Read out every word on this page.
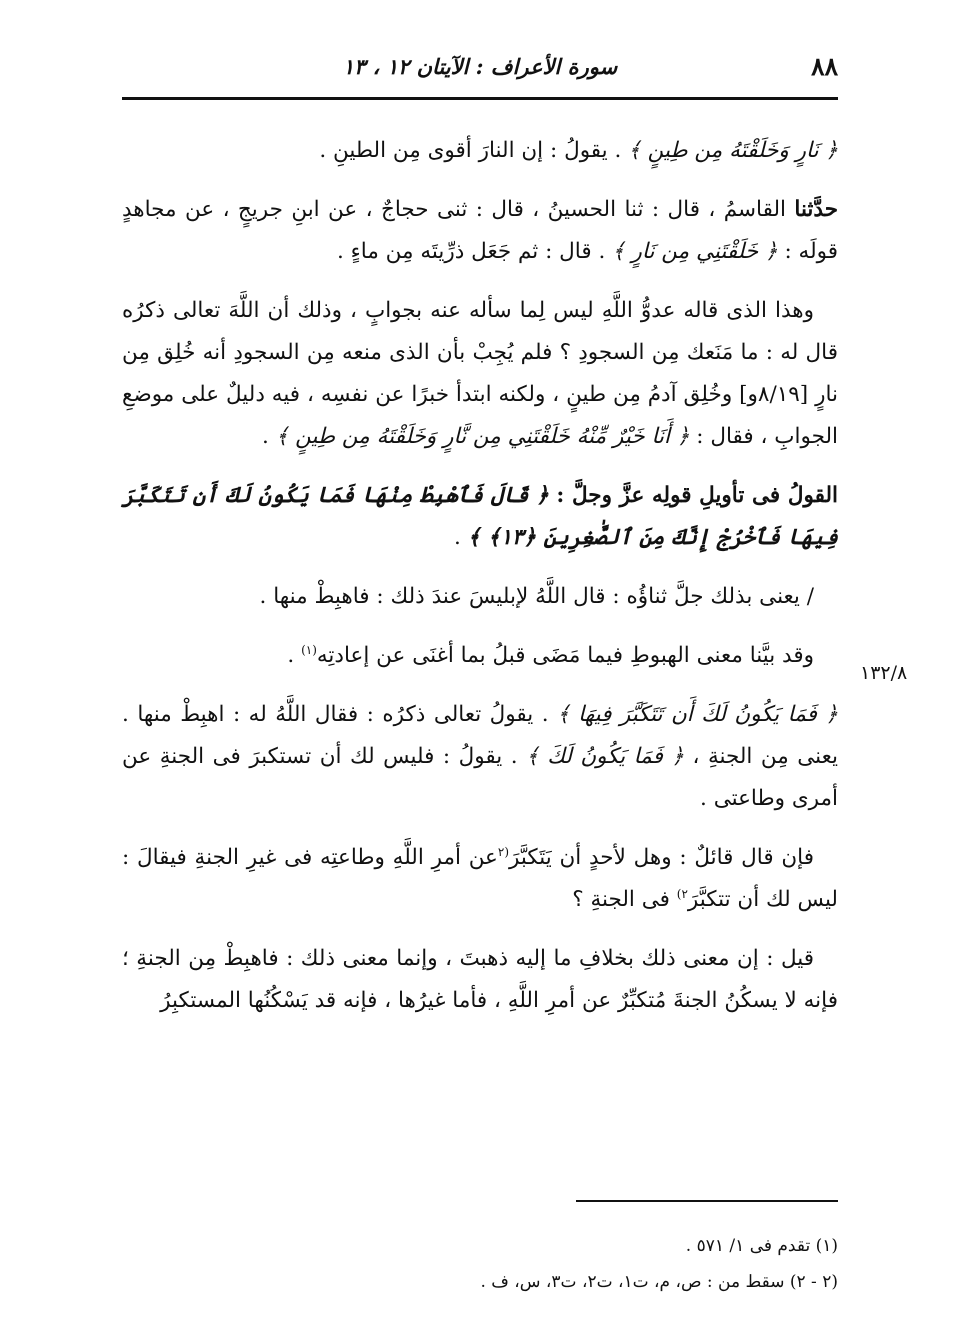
٨٨
سورة الأعراف : الآيتان ١٢ ، ١٣
١٣٢/٨

﴿ نَارٍ وَخَلَقْتَهُ مِن طِينٍ ﴾ . يقولُ : إن النارَ أقوى مِن الطينِ .

حدَّثنا القاسمُ ، قال : ثنا الحسينُ ، قال : ثنى حجاجٌ ، عن ابنِ جريجٍ ، عن مجاهدٍ قولَه : ﴿ خَلَقْتَنِي مِن نَارٍ ﴾ . قال : ثم جَعَل ذرِّيتَه مِن ماءٍ .

وهذا الذى قاله عدوُّ اللَّهِ ليس لِما سأله عنه بجوابٍ ، وذلك أن اللَّهَ تعالى ذكرُه قال له : ما مَنَعك مِن السجودِ ؟ فلم يُجِبْ بأن الذى منعه مِن السجودِ أنه خُلِق مِن نارٍ [٨/١٩و] وخُلِق آدمُ مِن طينٍ ، ولكنه ابتدأ خبرًا عن نفسِه ، فيه دليلٌ على موضعِ الجوابِ ، فقال : ﴿ أَنَا خَيْرٌ مِّنْهُ خَلَقْتَنِي مِن نَّارٍ وَخَلَقْتَهُ مِن طِينٍ ﴾ .

القولُ فى تأويلِ قولِه عزَّ وجلَّ : ﴿ قَالَ فَٱهْبِطْ مِنْهَا فَمَا يَكُونُ لَكَ أَن تَتَكَبَّرَ فِيهَا فَٱخْرُجْ إِنَّكَ مِنَ ٱلصَّٰغِرِينَ ﴿١٣﴾ ﴾ .

/ يعنى بذلك جلَّ ثناؤُه : قال اللَّهُ لإبليسَ عندَ ذلك : فاهبِطْ منها .

وقد بيَّنا معنى الهبوطِ فيما مَضَى قبلُ بما أغنَى عن إعادتِه$^{(١)}$ .

﴿ فَمَا يَكُونُ لَكَ أَن تَتَكَبَّرَ فِيهَا ﴾ . يقولُ تعالى ذكرُه : فقال اللَّهُ له : اهبِطْ منها . يعنى مِن الجنةِ ، ﴿ فَمَا يَكُونُ لَكَ ﴾ . يقولُ : فليس لك أن تستكبرَ فى الجنةِ عن أمرى وطاعتى .

فإن قال قائلٌ : وهل لأحدٍ أن يَتَكبَّرَ$^{(٢}$عن أمرِ اللَّهِ وطاعتِه فى غيرِ الجنةِ فيقالَ : ليس لك أن تتكبَّرَ$^{٢)}$ فى الجنةِ ؟

قيل : إن معنى ذلك بخلافِ ما إليه ذهبتَ ، وإنما معنى ذلك : فاهبِطْ مِن الجنةِ ؛ فإنه لا يسكُنُ الجنةَ مُتكبِّرٌ عن أمرِ اللَّهِ ، فأما غيرُها ، فإنه قد يَسْكُنُها المستكبِرُ

(١) تقدم فى ١/ ٥٧١ .

(٢ - ٢) سقط من : ص، م، ت١، ت٢، ت٣، س، ف .
